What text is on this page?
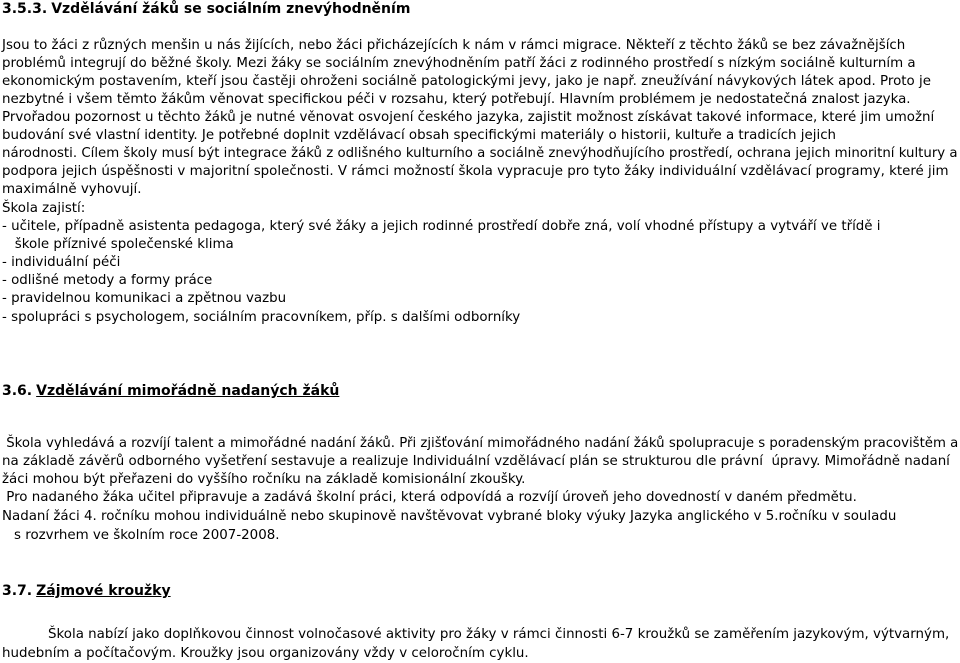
3.5.3. Vzdělávání žáků se sociálním znevýhodněním
Jsou to žáci z různých menšin u nás žijících, nebo žáci přicházejících k nám v rámci migrace. Někteří z těchto žáků se bez závažnějších
problémů integrují do běžné školy. Mezi žáky se sociálním znevýhodněním patří žáci z rodinného prostředí s nízkým sociálně kulturním a
ekonomickým postavením, kteří jsou častěji ohroženi sociálně patologickými jevy, jako je např. zneužívání návykových látek apod. Proto je
nezbytné i všem těmto žákům věnovat specifickou péči v rozsahu, který potřebují. Hlavním problémem je nedostatečná znalost jazyka.
Prvořadou pozornost u těchto žáků je nutné věnovat osvojení českého jazyka, zajistit možnost získávat takové informace, které jim umožní
budování své vlastní identity. Je potřebné doplnit vzdělávací obsah specifickými materiály o historii, kultuře a tradicích jejich
národnosti. Cílem školy musí být integrace žáků z odlišného kulturního a sociálně znevýhodňujícího prostředí, ochrana jejich minoritní kultury a
podpora jejich úspěšnosti v majoritní společnosti. V rámci možností škola vypracuje pro tyto žáky individuální vzdělávací programy, které jim
maximálně vyhovují.
Škola zajistí:
- učitele, případně asistenta pedagoga, který své žáky a jejich rodinné prostředí dobře zná, volí vhodné přístupy a vytváří ve třídě i
škole příznivé společenské klima
- individuální péči
- odlišné metody a formy práce
- pravidelnou komunikaci a zpětnou vazbu
- spolupráci s psychologem, sociálním pracovníkem, příp. s dalšími odborníky
3.6. Vzdělávání mimořádně nadaných žáků
Škola vyhledává a rozvíjí talent a mimořádné nadání žáků. Při zjišťování mimořádného nadání žáků spolupracuje s poradenským pracovištěm a
na základě závěrů odborného vyšetření sestavuje a realizuje Individuální vzdělávací plán se strukturou dle právní  úpravy. Mimořádně nadaní
žáci mohou být přeřazeni do vyššího ročníku na základě komisionální zkoušky.
Pro nadaného žáka učitel připravuje a zadává školní práci, která odpovídá a rozvíjí úroveň jeho dovedností v daném předmětu.
Nadaní žáci 4. ročníku mohou individuálně nebo skupinově navštěvovat vybrané bloky výuky Jazyka anglického v 5.ročníku v souladu
s rozvrhem ve školním roce 2007-2008.
3.7. Zájmové kroužky
Škola nabízí jako doplňkovou činnost volnočasové aktivity pro žáky v rámci činnosti 6-7 kroužků se zaměřením jazykovým, výtvarným,
hudebním a počítačovým. Kroužky jsou organizovány vždy v celoročním cyklu.
